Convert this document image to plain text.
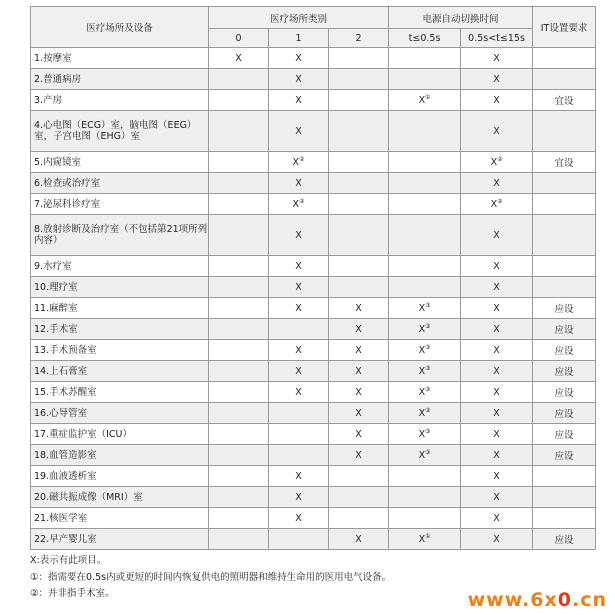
医疗场所及设备	医疗场所类别			电源自动切换时间		IT设置要求
	0	1	2	t≤0.5s	0.5s<t≤15s	
1.按摩室	X	X			X	
2.普通病房		X			X	
3.产房		X		X①	X	宜设
4.心电图（ECG）室，脑电图（EEG）室，子宫电图（EHG）室		X			X	
5.内窥镜室		X②			X②	宜设
6.检查或治疗室		X			X	
7.泌尿科诊疗室		X②			X②	
8.放射诊断及治疗室（不包括第21项所列内容）		X			X	
9.水疗室		X			X	
10.理疗室		X			X	
11.麻醉室		X	X	X③	X	应设
12.手术室			X	X③	X	应设
13.手术预备室		X	X	X③	X	应设
14.上石膏室		X	X	X③	X	应设
15.手术苏醒室		X	X	X③	X	应设
16.心导管室			X	X③	X	应设
17.重症监护室（ICU）			X	X③	X	应设
18.血管造影室			X	X③	X	应设
19.血液透析室		X			X	
20.磁共振成像（MRI）室		X			X	
21.核医学室		X			X	
22.早产婴儿室			X	X①	X	应设
X:表示有此项目。
①：指需要在0.5s内或更短的时间内恢复供电的照明器和维持生命用的医用电气设备。
②：并非指手术室。	www.6x0.cn
